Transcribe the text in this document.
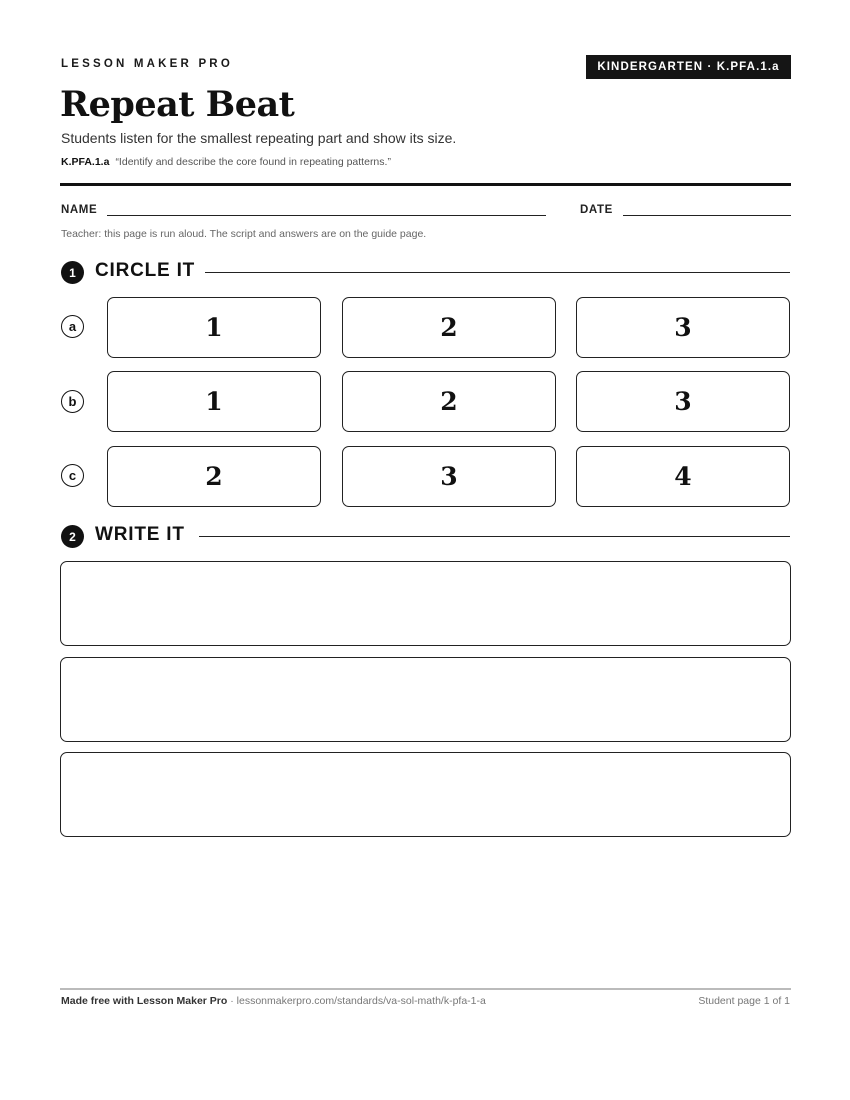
LESSON MAKER PRO	KINDERGARTEN · K.PFA.1.a
Repeat Beat
Students listen for the smallest repeating part and show its size.
K.PFA.1.a “Identify and describe the core found in repeating patterns.”
NAME	DATE
Teacher: this page is run aloud. The script and answers are on the guide page.
1	CIRCLE IT
a	1	2	3
b	1	2	3
c	2	3	4
2	WRITE IT
Made free with Lesson Maker Pro · lessonmakerpro.com/standards/va-sol-math/k-pfa-1-a	Student page 1 of 1
